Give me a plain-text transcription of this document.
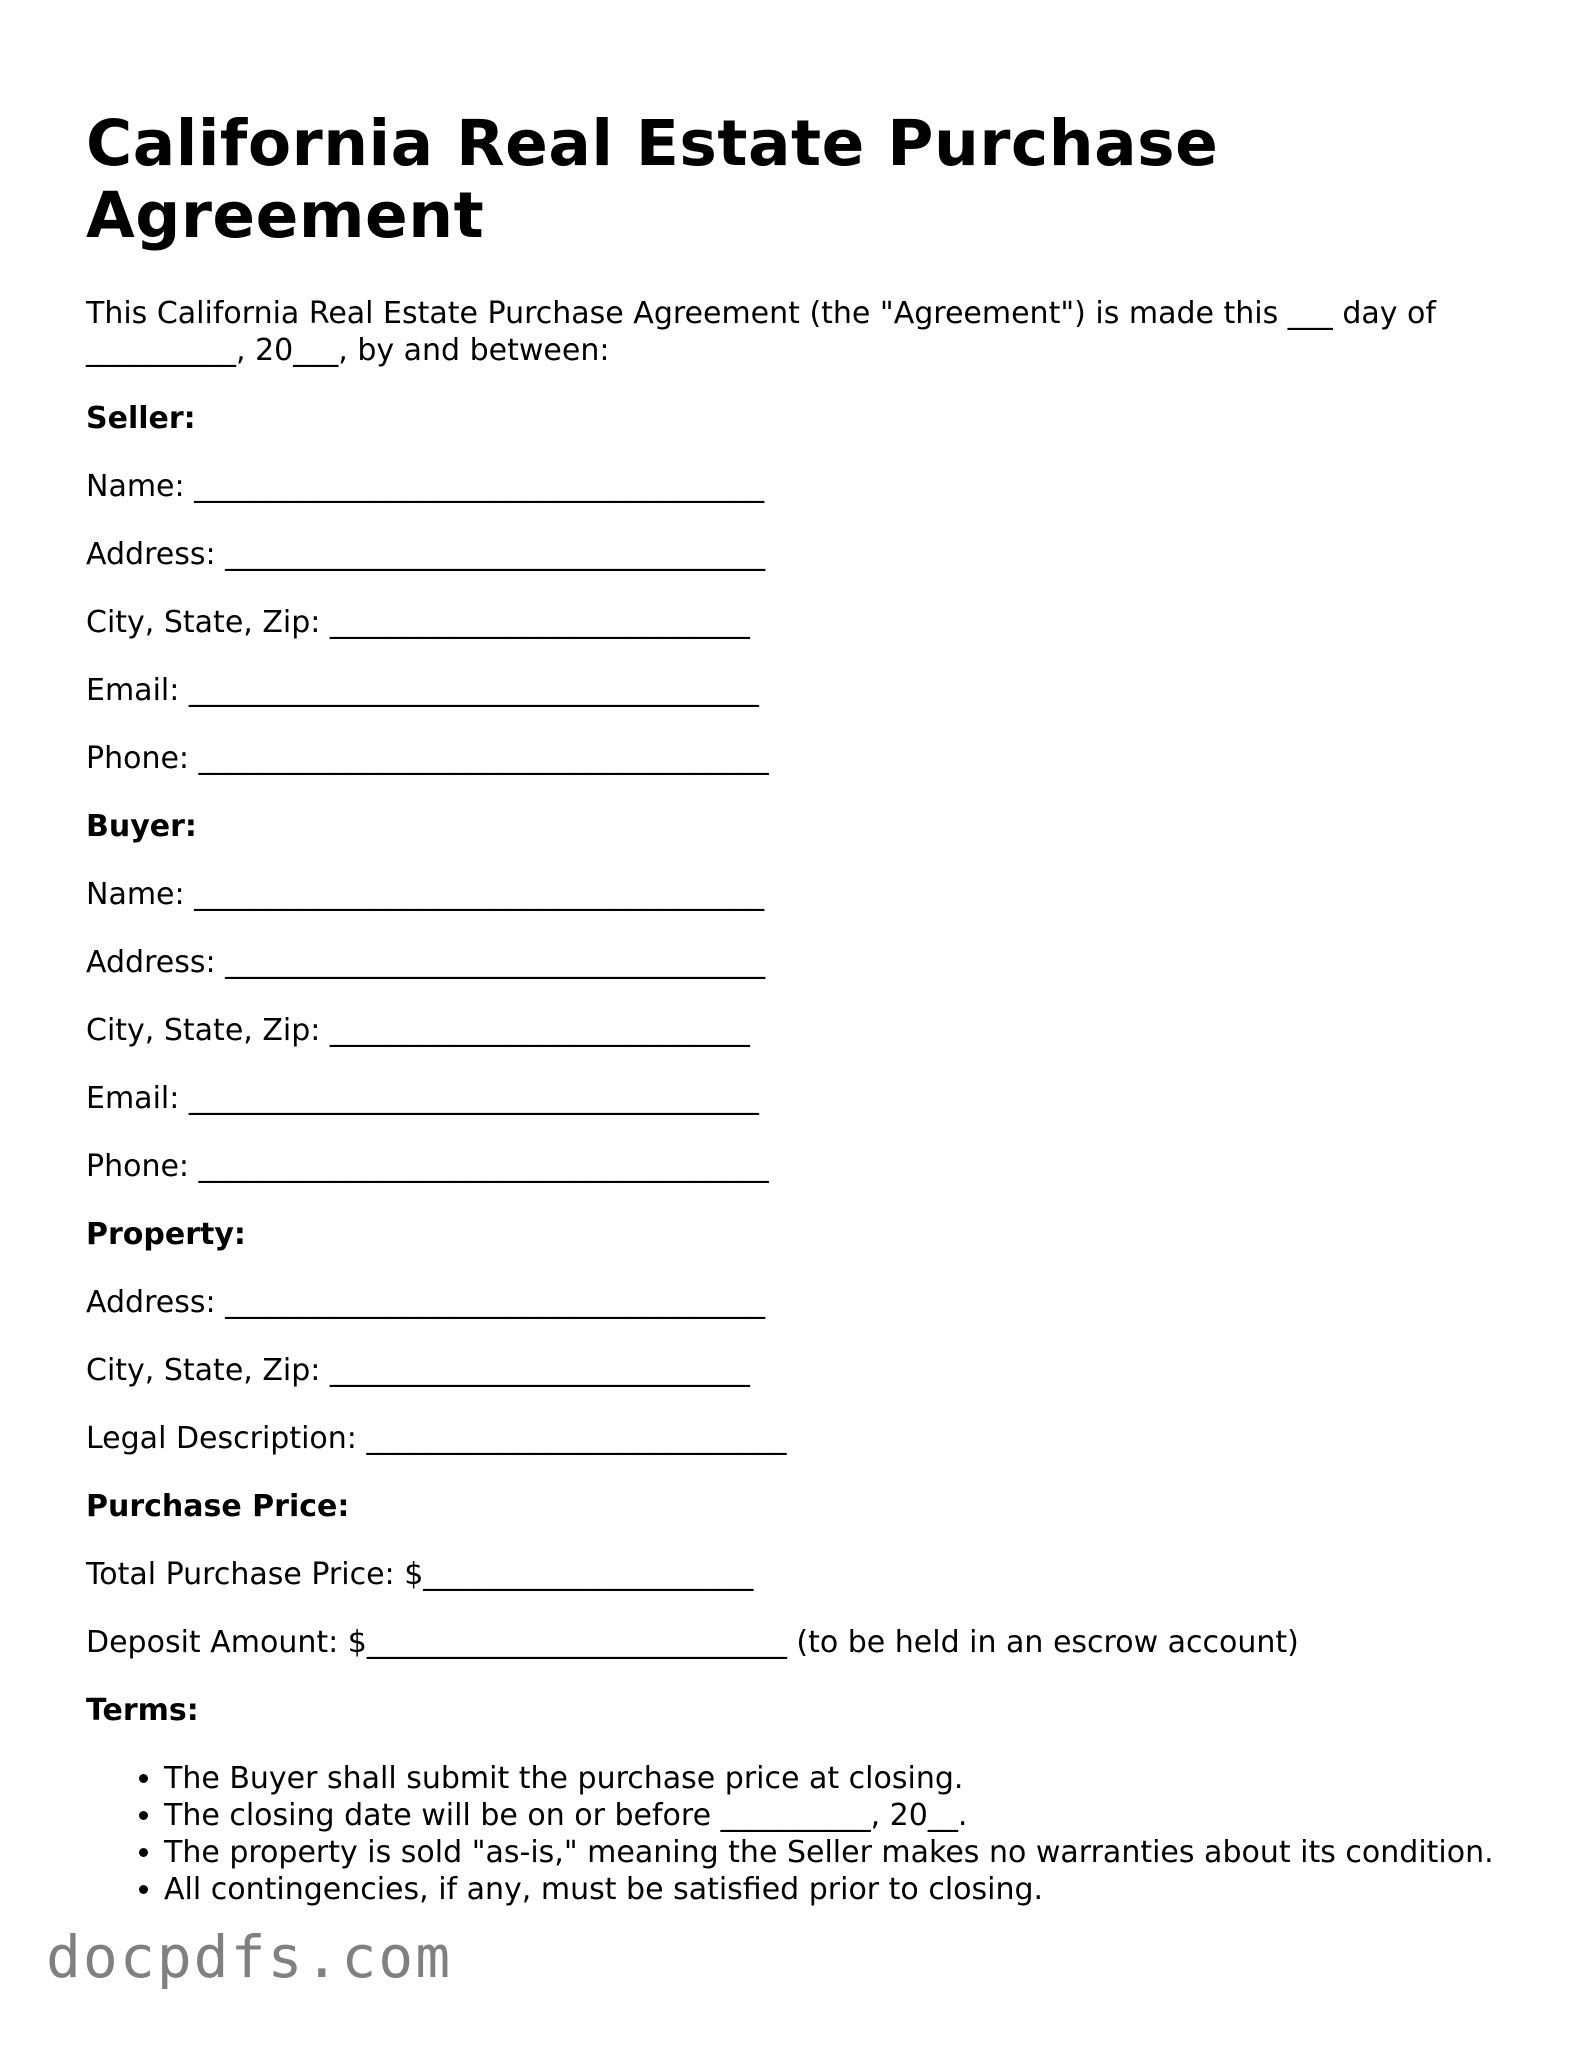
California Real Estate Purchase Agreement

This California Real Estate Purchase Agreement (the "Agreement") is made this ___ day of __________, 20___, by and between:

Seller:
Name: ______________________________________
Address: ____________________________________
City, State, Zip: ____________________________
Email: ______________________________________
Phone: ______________________________________
Buyer:
Name: ______________________________________
Address: ____________________________________
City, State, Zip: ____________________________
Email: ______________________________________
Phone: ______________________________________
Property:
Address: ____________________________________
City, State, Zip: ____________________________
Legal Description: ____________________________
Purchase Price:
Total Purchase Price: $______________________
Deposit Amount: $____________________________ (to be held in an escrow account)
Terms:
• The Buyer shall submit the purchase price at closing.
• The closing date will be on or before __________, 20__.
• The property is sold "as-is," meaning the Seller makes no warranties about its condition.
• All contingencies, if any, must be satisfied prior to closing.
docpdfs.com
